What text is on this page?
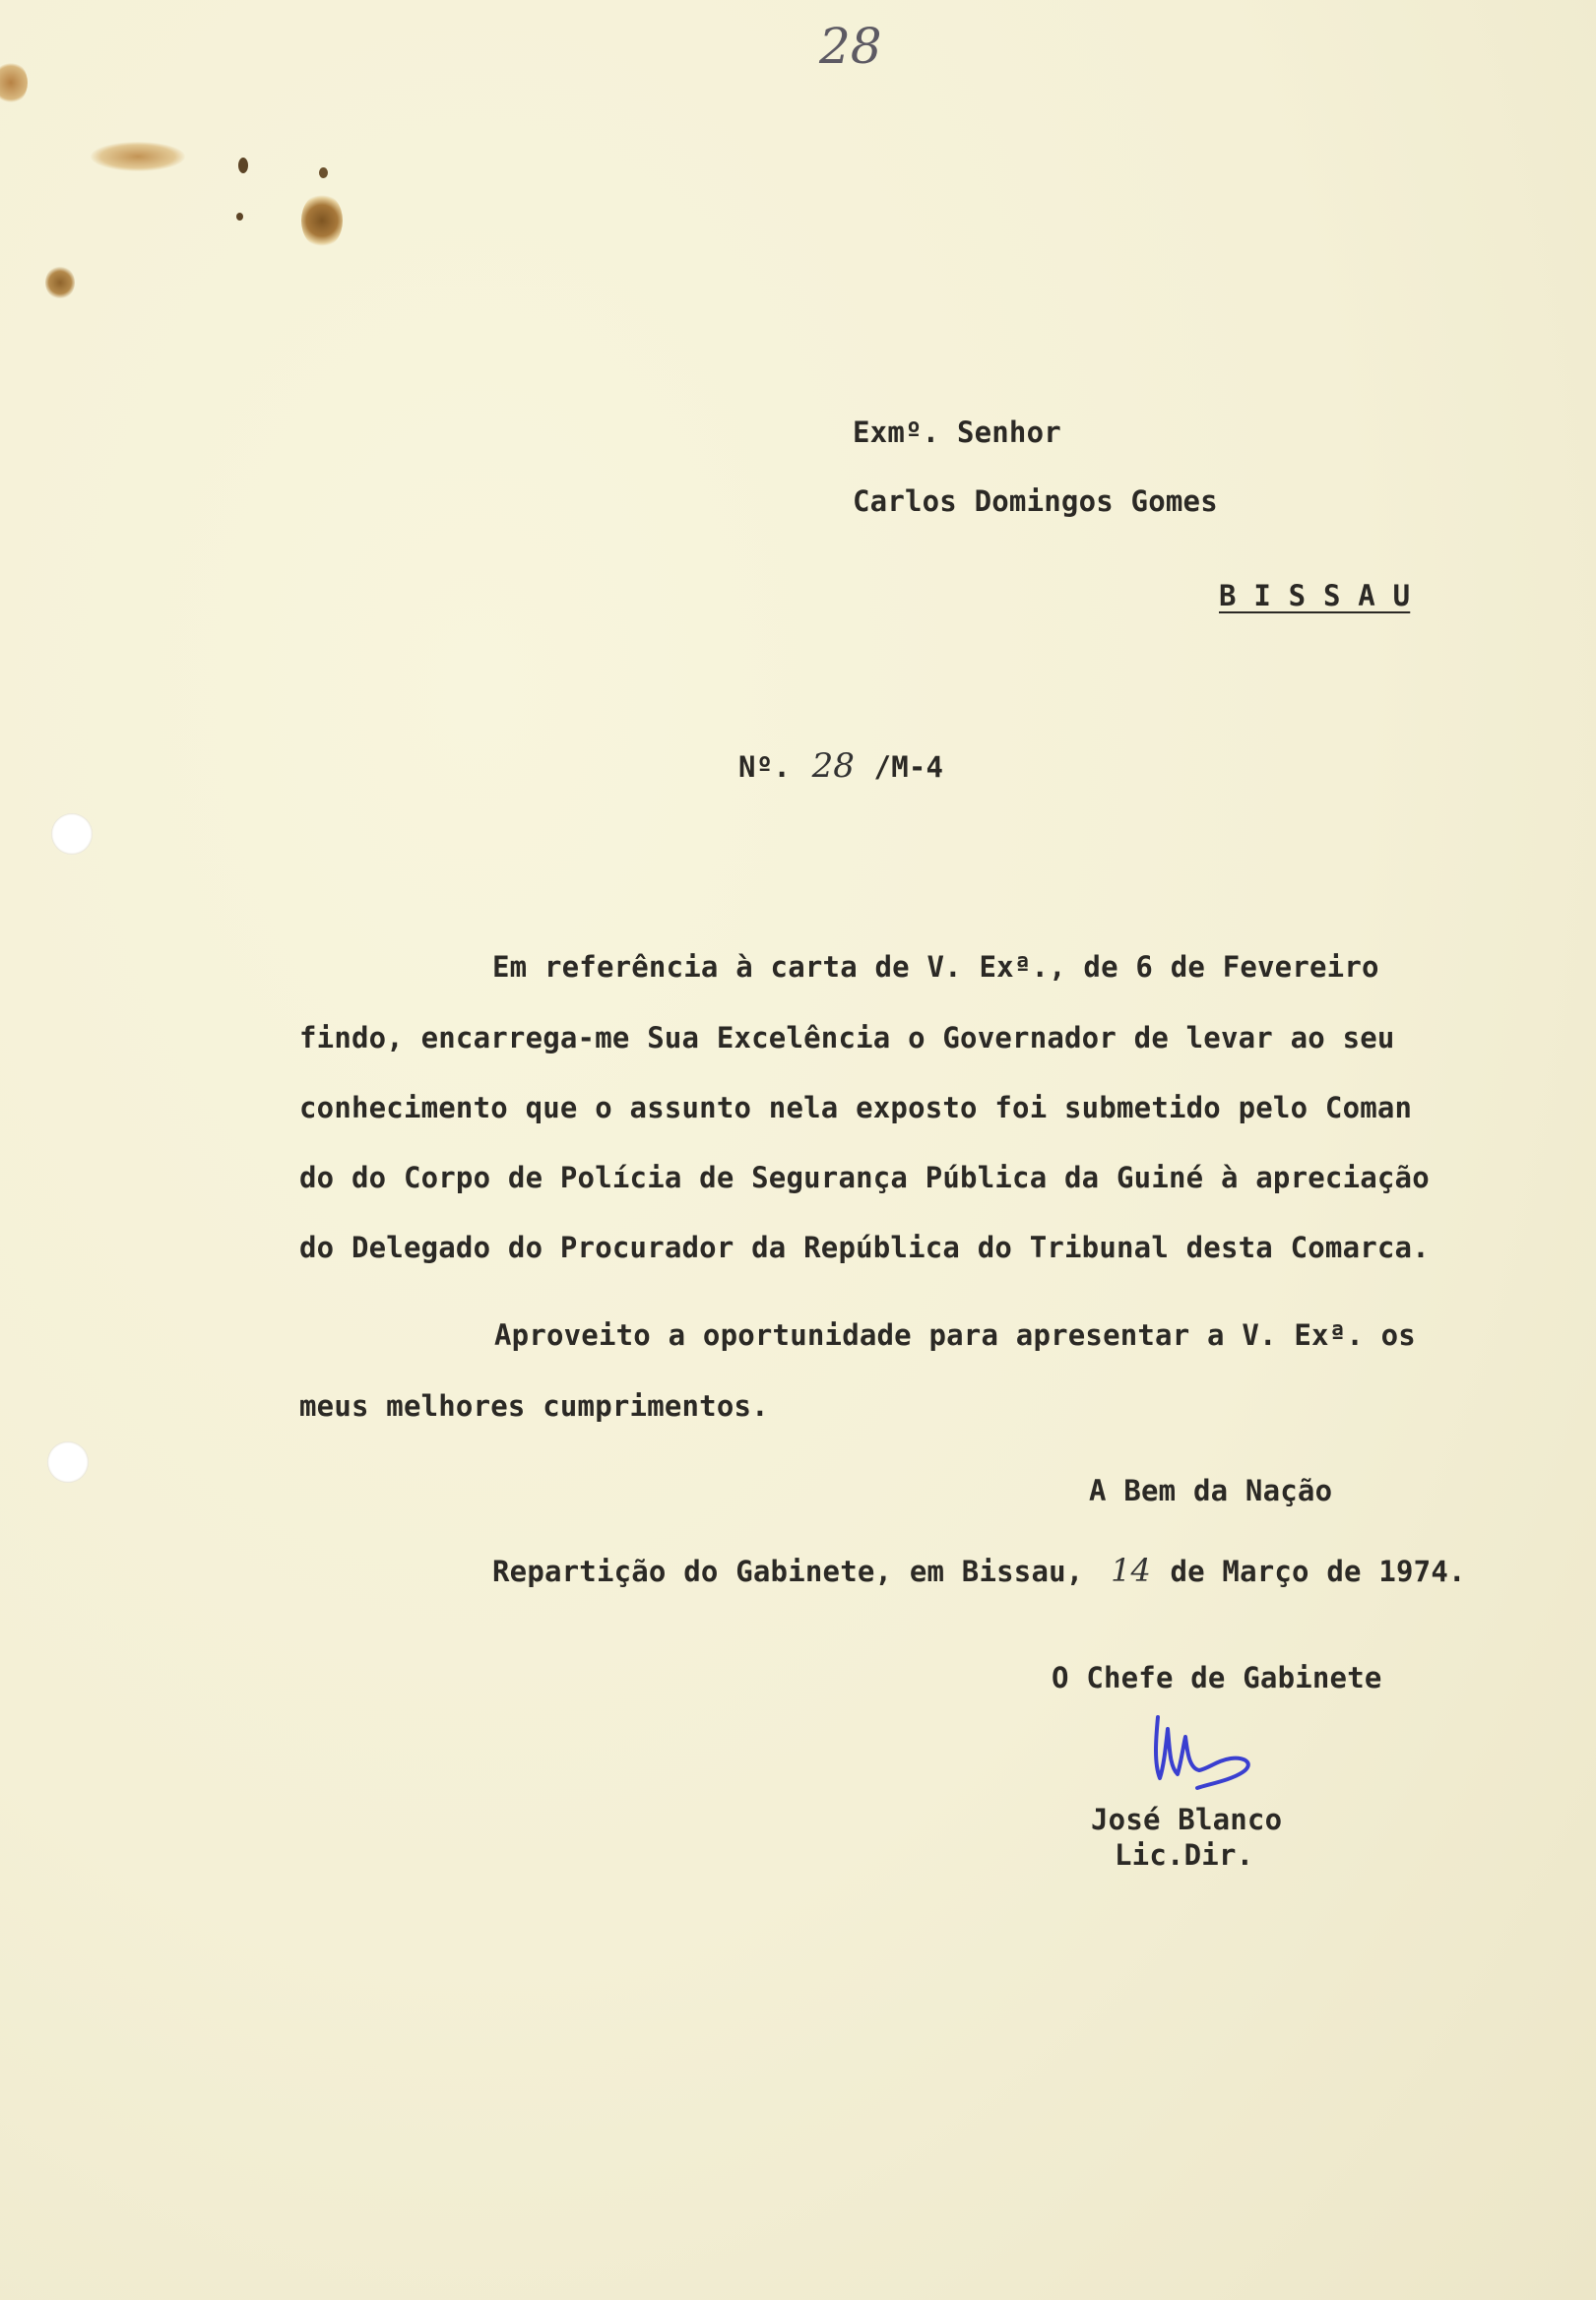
28
Exmº. Senhor
Carlos Domingos Gomes
B I S S A U
Nº. 28 /M-4
Em referência à carta de V. Exª., de 6 de Fevereiro
findo, encarrega-me Sua Excelência o Governador de levar ao seu
conhecimento que o assunto nela exposto foi submetido pelo Coman
do do Corpo de Polícia de Segurança Pública da Guiné à apreciação
do Delegado do Procurador da República do Tribunal desta Comarca.
Aproveito a oportunidade para apresentar a V. Exª. os
meus melhores cumprimentos.
A Bem da Nação
Repartição do Gabinete, em Bissau, 14 de Março de 1974.
O Chefe de Gabinete
José Blanco
Lic.Dir.
